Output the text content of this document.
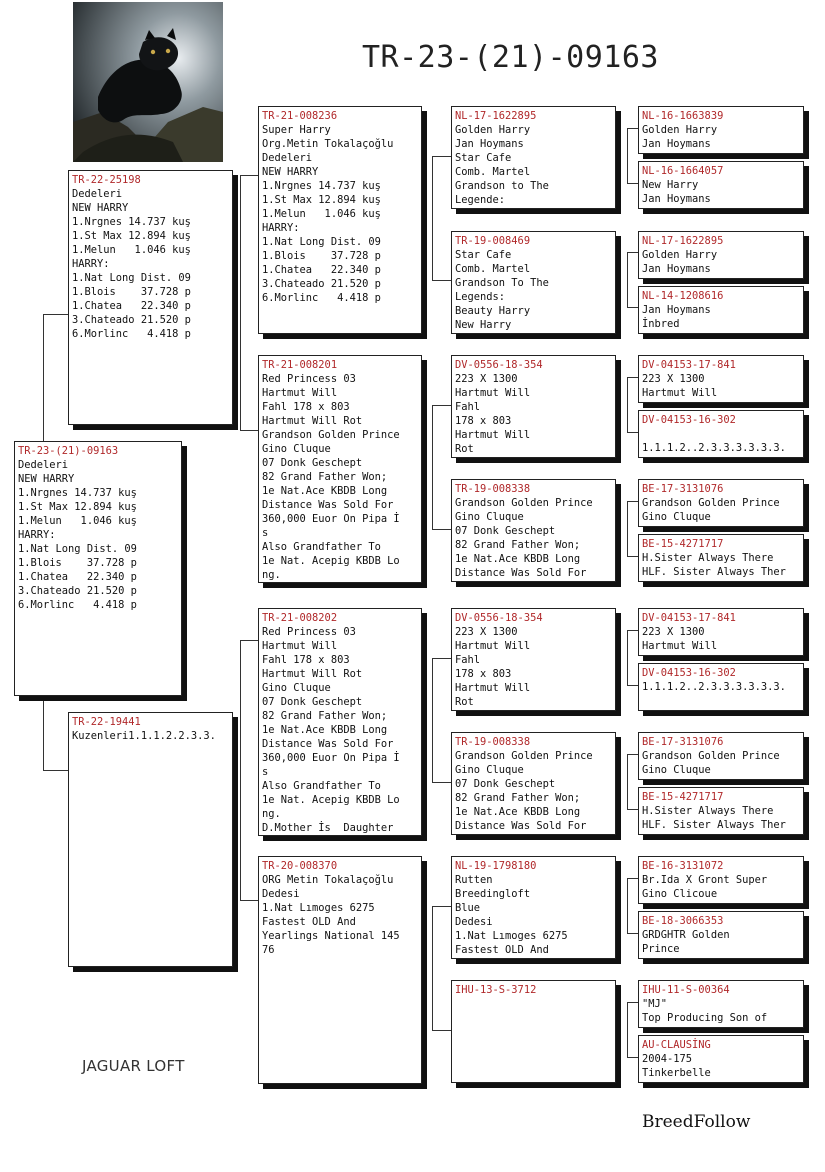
TR-23-(21)-09163
TR-23-(21)-09163
Dedeleri
NEW HARRY
1.Nrgnes 14.737 kuş
1.St Max 12.894 kuş
1.Melun   1.046 kuş
HARRY:
1.Nat Long Dist. 09
1.Blois    37.728 p
1.Chatea   22.340 p
3.Chateado 21.520 p
6.Morlinc   4.418 p
TR-22-25198
Dedeleri
NEW HARRY
1.Nrgnes 14.737 kuş
1.St Max 12.894 kuş
1.Melun   1.046 kuş
HARRY:
1.Nat Long Dist. 09
1.Blois    37.728 p
1.Chatea   22.340 p
3.Chateado 21.520 p
6.Morlinc   4.418 p
TR-22-19441
Kuzenleri1.1.1.2.2.3.3.
TR-21-008236
Super Harry
Org.Metin Tokalaçoğlu
Dedeleri
NEW HARRY
1.Nrgnes 14.737 kuş
1.St Max 12.894 kuş
1.Melun   1.046 kuş
HARRY:
1.Nat Long Dist. 09
1.Blois    37.728 p
1.Chatea   22.340 p
3.Chateado 21.520 p
6.Morlinc   4.418 p
TR-21-008201
Red Princess 03
Hartmut Will
Fahl 178 x 803
Hartmut Will Rot
Grandson Golden Prince
Gino Cluque
07 Donk Geschept
82 Grand Father Won;
1e Nat.Ace KBDB Long
Distance Was Sold For
360,000 Euor On Pipa İ
s
Also Grandfather To
1e Nat. Acepig KBDB Lo
ng.
TR-21-008202
Red Princess 03
Hartmut Will
Fahl 178 x 803
Hartmut Will Rot
Gino Cluque
07 Donk Geschept
82 Grand Father Won;
1e Nat.Ace KBDB Long
Distance Was Sold For
360,000 Euor On Pipa İ
s
Also Grandfather To
1e Nat. Acepig KBDB Lo
ng.
D.Mother İs  Daughter
TR-20-008370
ORG Metin Tokalaçoğlu
Dedesi
1.Nat Lımoges 6275
Fastest OLD And
Yearlings National 145
76
NL-17-1622895
Golden Harry
Jan Hoymans
Star Cafe
Comb. Martel
Grandson to The
Legende:
TR-19-008469
Star Cafe
Comb. Martel
Grandson To The
Legends:
Beauty Harry
New Harry
DV-0556-18-354
223 X 1300
Hartmut Will
Fahl
178 x 803
Hartmut Will
Rot
TR-19-008338
Grandson Golden Prince
Gino Cluque
07 Donk Geschept
82 Grand Father Won;
1e Nat.Ace KBDB Long
Distance Was Sold For
DV-0556-18-354
223 X 1300
Hartmut Will
Fahl
178 x 803
Hartmut Will
Rot
TR-19-008338
Grandson Golden Prince
Gino Cluque
07 Donk Geschept
82 Grand Father Won;
1e Nat.Ace KBDB Long
Distance Was Sold For
NL-19-1798180
Rutten
Breedingloft
Blue
Dedesi
1.Nat Lımoges 6275
Fastest OLD And
IHU-13-S-3712
NL-16-1663839
Golden Harry
Jan Hoymans
NL-16-1664057
New Harry
Jan Hoymans
NL-17-1622895
Golden Harry
Jan Hoymans
NL-14-1208616
Jan Hoymans
İnbred
DV-04153-17-841
223 X 1300
Hartmut Will
DV-04153-16-302

1.1.1.2..2.3.3.3.3.3.3.
BE-17-3131076
Grandson Golden Prince
Gino Cluque
BE-15-4271717
H.Sister Always There
HLF. Sister Always Ther
DV-04153-17-841
223 X 1300
Hartmut Will
DV-04153-16-302
1.1.1.2..2.3.3.3.3.3.3.
BE-17-3131076
Grandson Golden Prince
Gino Cluque
BE-15-4271717
H.Sister Always There
HLF. Sister Always Ther
BE-16-3131072
Br.Ida X Gront Super
Gino Clicoue
BE-18-3066353
GRDGHTR Golden
Prince
IHU-11-S-00364
"MJ"
Top Producing Son of
AU-CLAUSİNG
2004-175
Tinkerbelle
JAGUAR LOFT
BreedFollow
